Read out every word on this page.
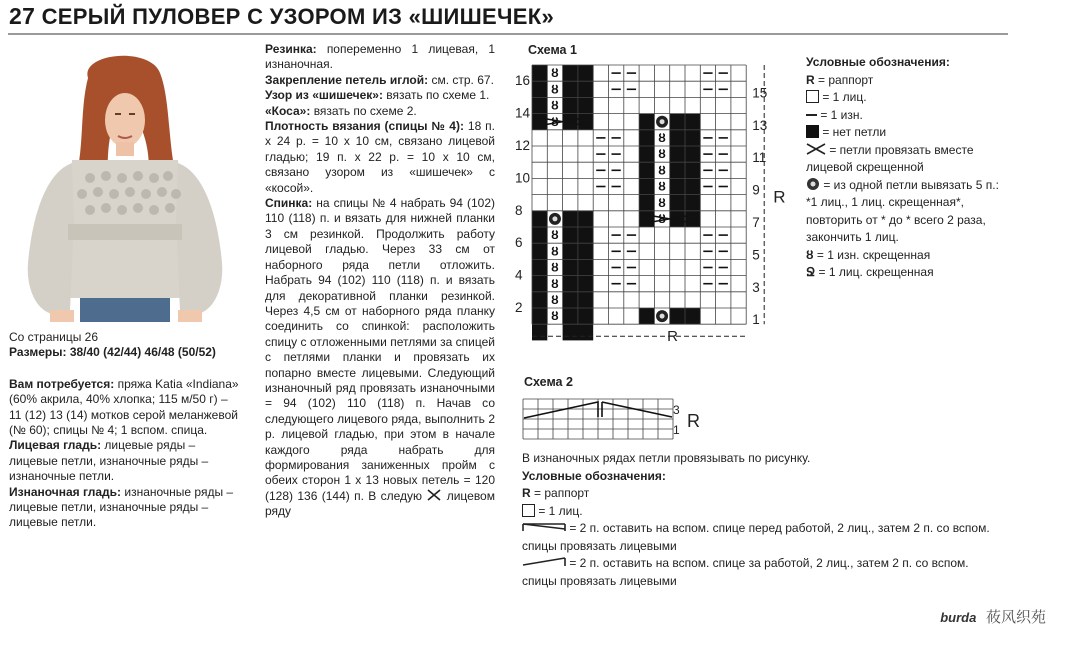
27 СЕРЫЙ ПУЛОВЕР С УЗОРОМ ИЗ «ШИШЕЧЕК»

Со страницы 26

Размеры: 38/40 (42/44) 46/48 (50/52)

Вам потребуется: пряжа Katia «Indiana» (60% акрила, 40% хлопка; 115 м/50 г) – 11 (12) 13 (14) мотков серой меланжевой (№ 60); спицы № 4; 1 вспом. спица.

Лицевая гладь: лицевые ряды – лицевые петли, изнаночные ряды – изнаночные петли.

Изнаночная гладь: изнаночные ряды – лицевые петли, изнаночные ряды – лицевые петли.

Резинка: попеременно 1 лицевая, 1 изнаночная.

Закрепление петель иглой: см. стр. 67.

Узор из «шишечек»: вязать по схеме 1.

«Коса»: вязать по схеме 2.

Плотность вязания (спицы № 4): 18 п. х 24 р. = 10 х 10 см, связано лицевой гладью; 19 п. х 22 р. = 10 х 10 см, связано узором из «шишечек» с «косой».

Спинка: на спицы № 4 набрать 94 (102) 110 (118) п. и вязать для нижней планки 3 см резинкой. Продолжить работу лицевой гладью. Через 33 см от наборного ряда петли отложить. Набрать 94 (102) 110 (118) п. и вязать для декоративной планки резинкой. Через 4,5 см от наборного ряда планку соединить со спинкой: расположить спицу с отложенными петлями за спицей с петлями планки и провязать их попарно вместе лицевыми. Следующий изнаночный ряд провязать изнаночными = 94 (102) 110 (118) п. Начав со следующего лицевого ряда, выполнить 2 р. лицевой гладью, при этом в начале каждого ряда набрать для формирования заниженных пройм с обеих сторон 1 х 13 новых петель = 120 (128) 136 (144) п. В следую лицевом ряду

Схема 1
ȣ
ȣ
ȣ
ȣ
ȣ
ȣ
ȣ
ȣ
ȣ
ȣ
ȣ
ȣ
ȣ
ȣ
ȣ
ȣ
16
14
12
10
8
6
4
2
15
13
11
9
7
5
3
1
R
R
Условные обозначения:
R = раппорт
= 1 лиц.
= 1 изн.
= нет петли
= петли провязать вместе лицевой скрещенной
= из одной петли вывязать 5 п.: *1 лиц., 1 лиц. скрещенная*, повторить от * до * всего 2 раза, закончить 1 лиц.
ȣ = 1 изн. скрещенная
Ջ = 1 лиц. скрещенная
Схема 2
3
1 R
В изнаночных рядах петли провязывать по рисунку.
Условные обозначения:
R = раппорт
= 1 лиц.
= 2 п. оставить на вспом. спице перед работой, 2 лиц., затем 2 п. со вспом. спицы провязать лицевыми
= 2 п. оставить на вспом. спице за работой, 2 лиц., затем 2 п. со вспом. спицы провязать лицевыми
burda 莜风织苑
